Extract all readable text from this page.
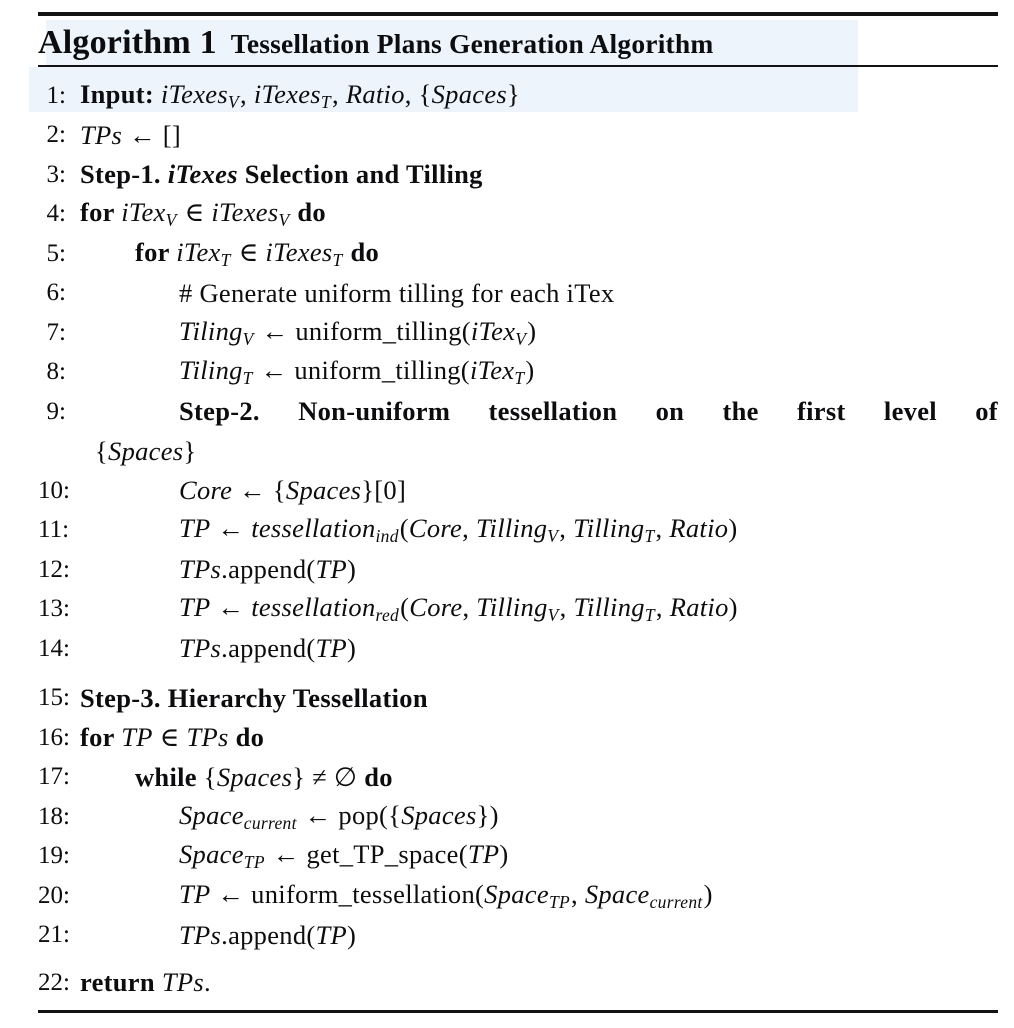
Algorithm 1 Tessellation Plans Generation Algorithm
1: Input: iTexes$_V$, iTexes$_T$, Ratio, {Spaces}
2: TPs ← []
3: Step-1. iTexes Selection and Tilling
4: for iTex$_V$ ∈ iTexes$_V$ do
5:	for iTex$_T$ ∈ iTexes$_T$ do
6:	# Generate uniform tilling for each iTex
7:	Tiling$_V$ ← uniform_tilling(iTex$_V$)
8:	Tiling$_T$ ← uniform_tilling(iTex$_T$)
9:	Step-2. Non-uniform tessellation on the first level of
{Spaces}
10:	Core ← {Spaces}[0]
11:	TP ← tessellation$_{ind}$(Core, Tilling$_V$, Tilling$_T$, Ratio)
12:	TPs.append(TP)
13:	TP ← tessellation$_{red}$(Core, Tilling$_V$, Tilling$_T$, Ratio)
14:	TPs.append(TP)
15: Step-3. Hierarchy Tessellation
16: for TP ∈ TPs do
17:	while {Spaces} ≠ ∅ do
18:	Space$_{current}$ ← pop({Spaces})
19:	Space$_{TP}$ ← get_TP_space(TP)
20:	TP ← uniform_tessellation(Space$_{TP}$, Space$_{current}$)
21:	TPs.append(TP)
22: return TPs.
